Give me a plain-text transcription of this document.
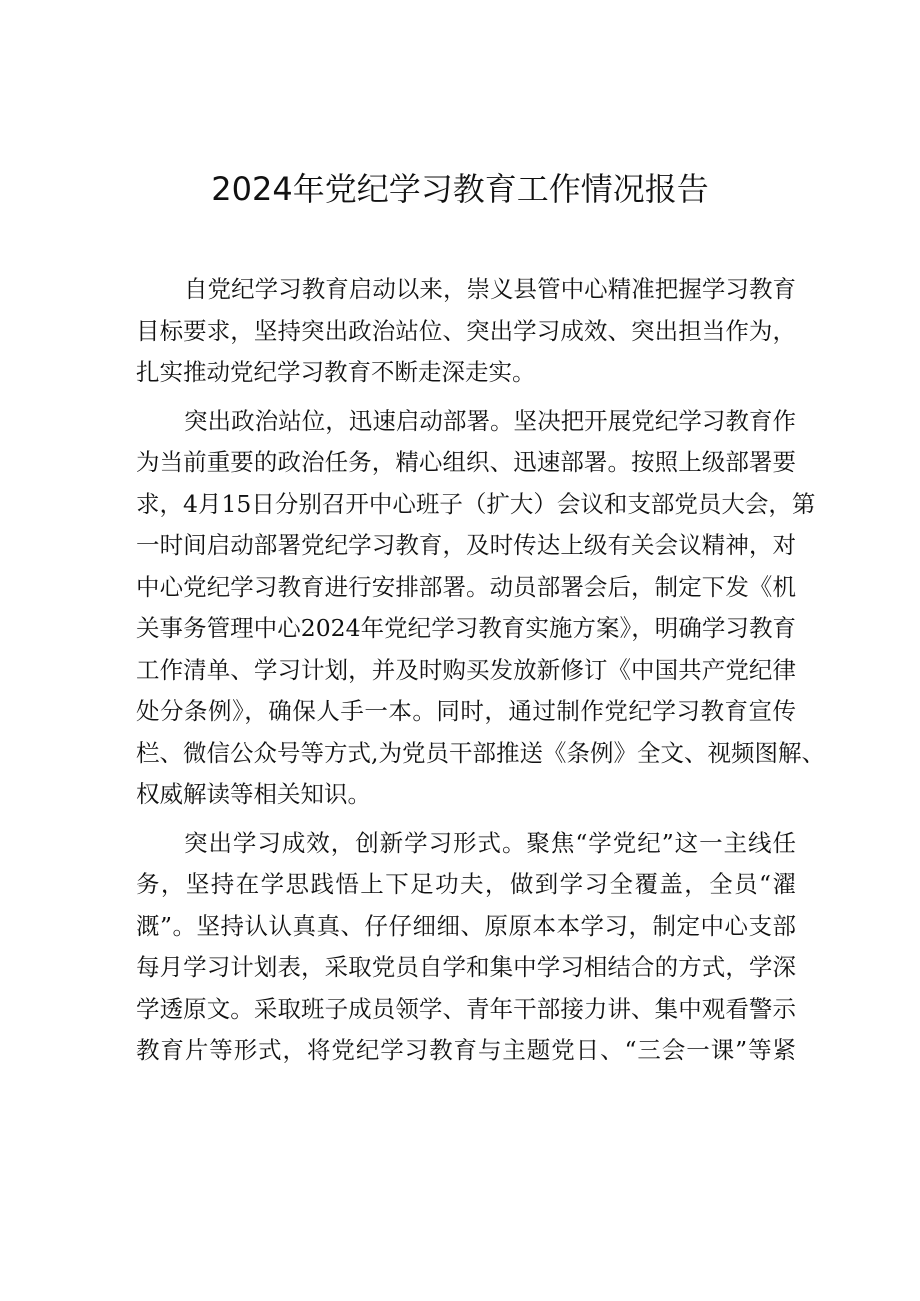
2024年党纪学习教育工作情况报告

自党纪学习教育启动以来，崇义县管中心精准把握学习教育
目标要求，坚持突出政治站位、突出学习成效、突出担当作为，
扎实推动党纪学习教育不断走深走实。

突出政治站位，迅速启动部署。坚决把开展党纪学习教育作
为当前重要的政治任务，精心组织、迅速部署。按照上级部署要
求，4月15日分别召开中心班子（扩大）会议和支部党员大会，第
一时间启动部署党纪学习教育，及时传达上级有关会议精神，对
中心党纪学习教育进行安排部署。动员部署会后，制定下发《机
关事务管理中心2024年党纪学习教育实施方案》，明确学习教育
工作清单、学习计划，并及时购买发放新修订《中国共产党纪律
处分条例》，确保人手一本。同时，通过制作党纪学习教育宣传
栏、微信公众号等方式,为党员干部推送《条例》全文、视频图解、
权威解读等相关知识。

突出学习成效，创新学习形式。聚焦“学党纪”这一主线任
务，坚持在学思践悟上下足功夫，做到学习全覆盖，全员“濯
溉”。坚持认认真真、仔仔细细、原原本本学习，制定中心支部
每月学习计划表，采取党员自学和集中学习相结合的方式，学深
学透原文。采取班子成员领学、青年干部接力讲、集中观看警示
教育片等形式，将党纪学习教育与主题党日、“三会一课”等紧
